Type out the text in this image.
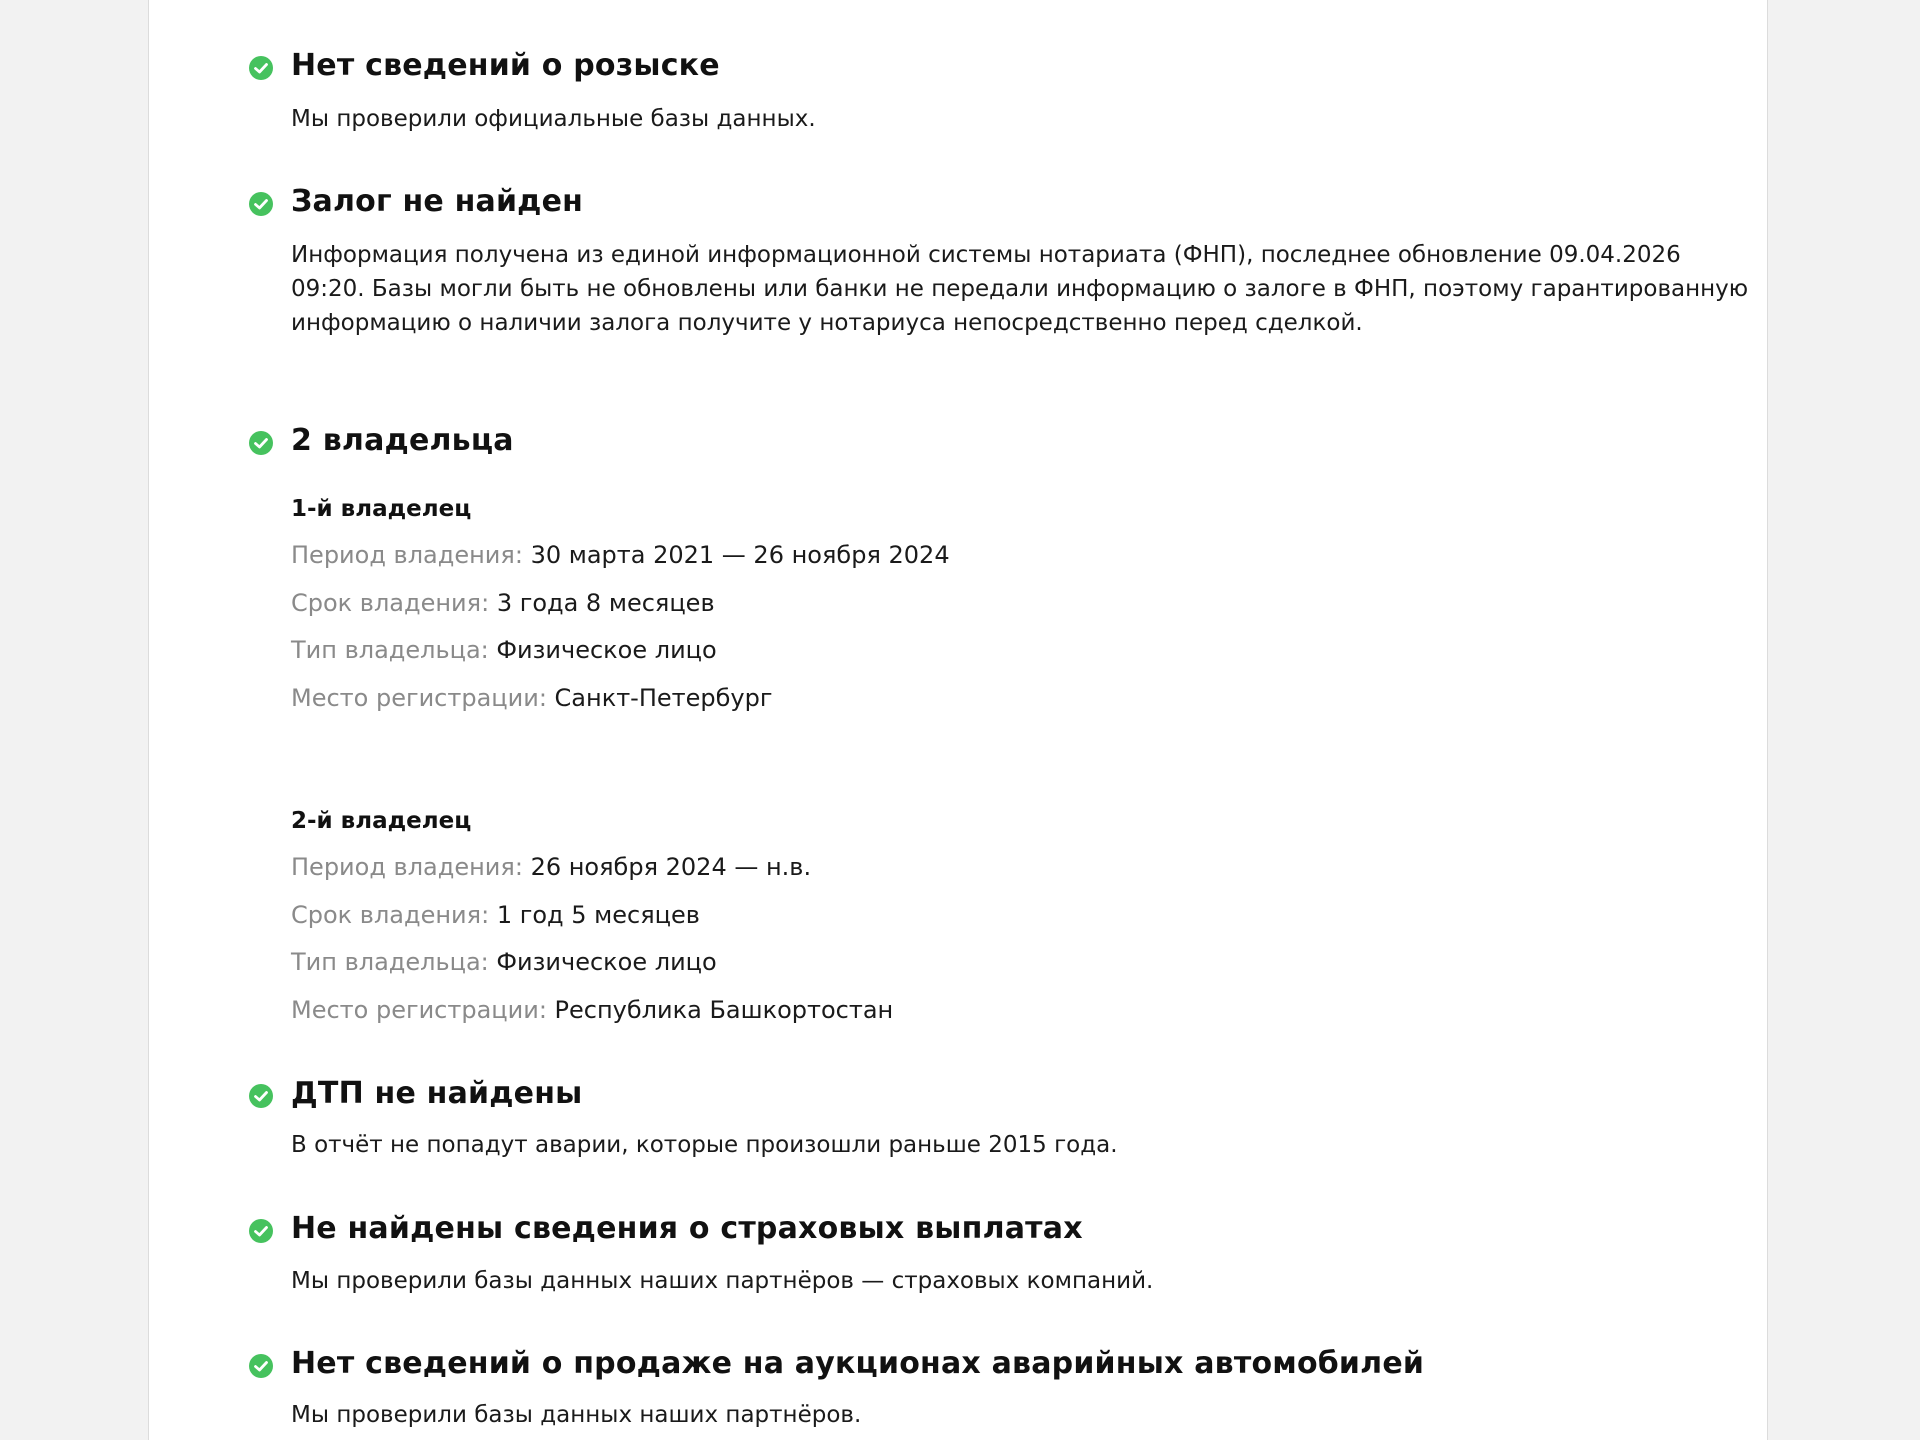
Нет сведений о розыске

Мы проверили официальные базы данных.

Залог не найден

Информация получена из единой информационной системы нотариата (ФНП), последнее обновление 09.04.2026 09:20. Базы могли быть не обновлены или банки не передали информацию о залоге в ФНП, поэтому гарантированную информацию о наличии залога получите у нотариуса непосредственно перед сделкой.

2 владельца
1-й владелец
Период владения: 30 марта 2021 — 26 ноября 2024
Срок владения: 3 года 8 месяцев
Тип владельца: Физическое лицо
Место регистрации: Санкт-Петербург
2-й владелец
Период владения: 26 ноября 2024 — н.в.
Срок владения: 1 год 5 месяцев
Тип владельца: Физическое лицо
Место регистрации: Республика Башкортостан
ДТП не найдены

В отчёт не попадут аварии, которые произошли раньше 2015 года.

Не найдены сведения о страховых выплатах

Мы проверили базы данных наших партнёров — страховых компаний.

Нет сведений о продаже на аукционах аварийных автомобилей

Мы проверили базы данных наших партнёров.
